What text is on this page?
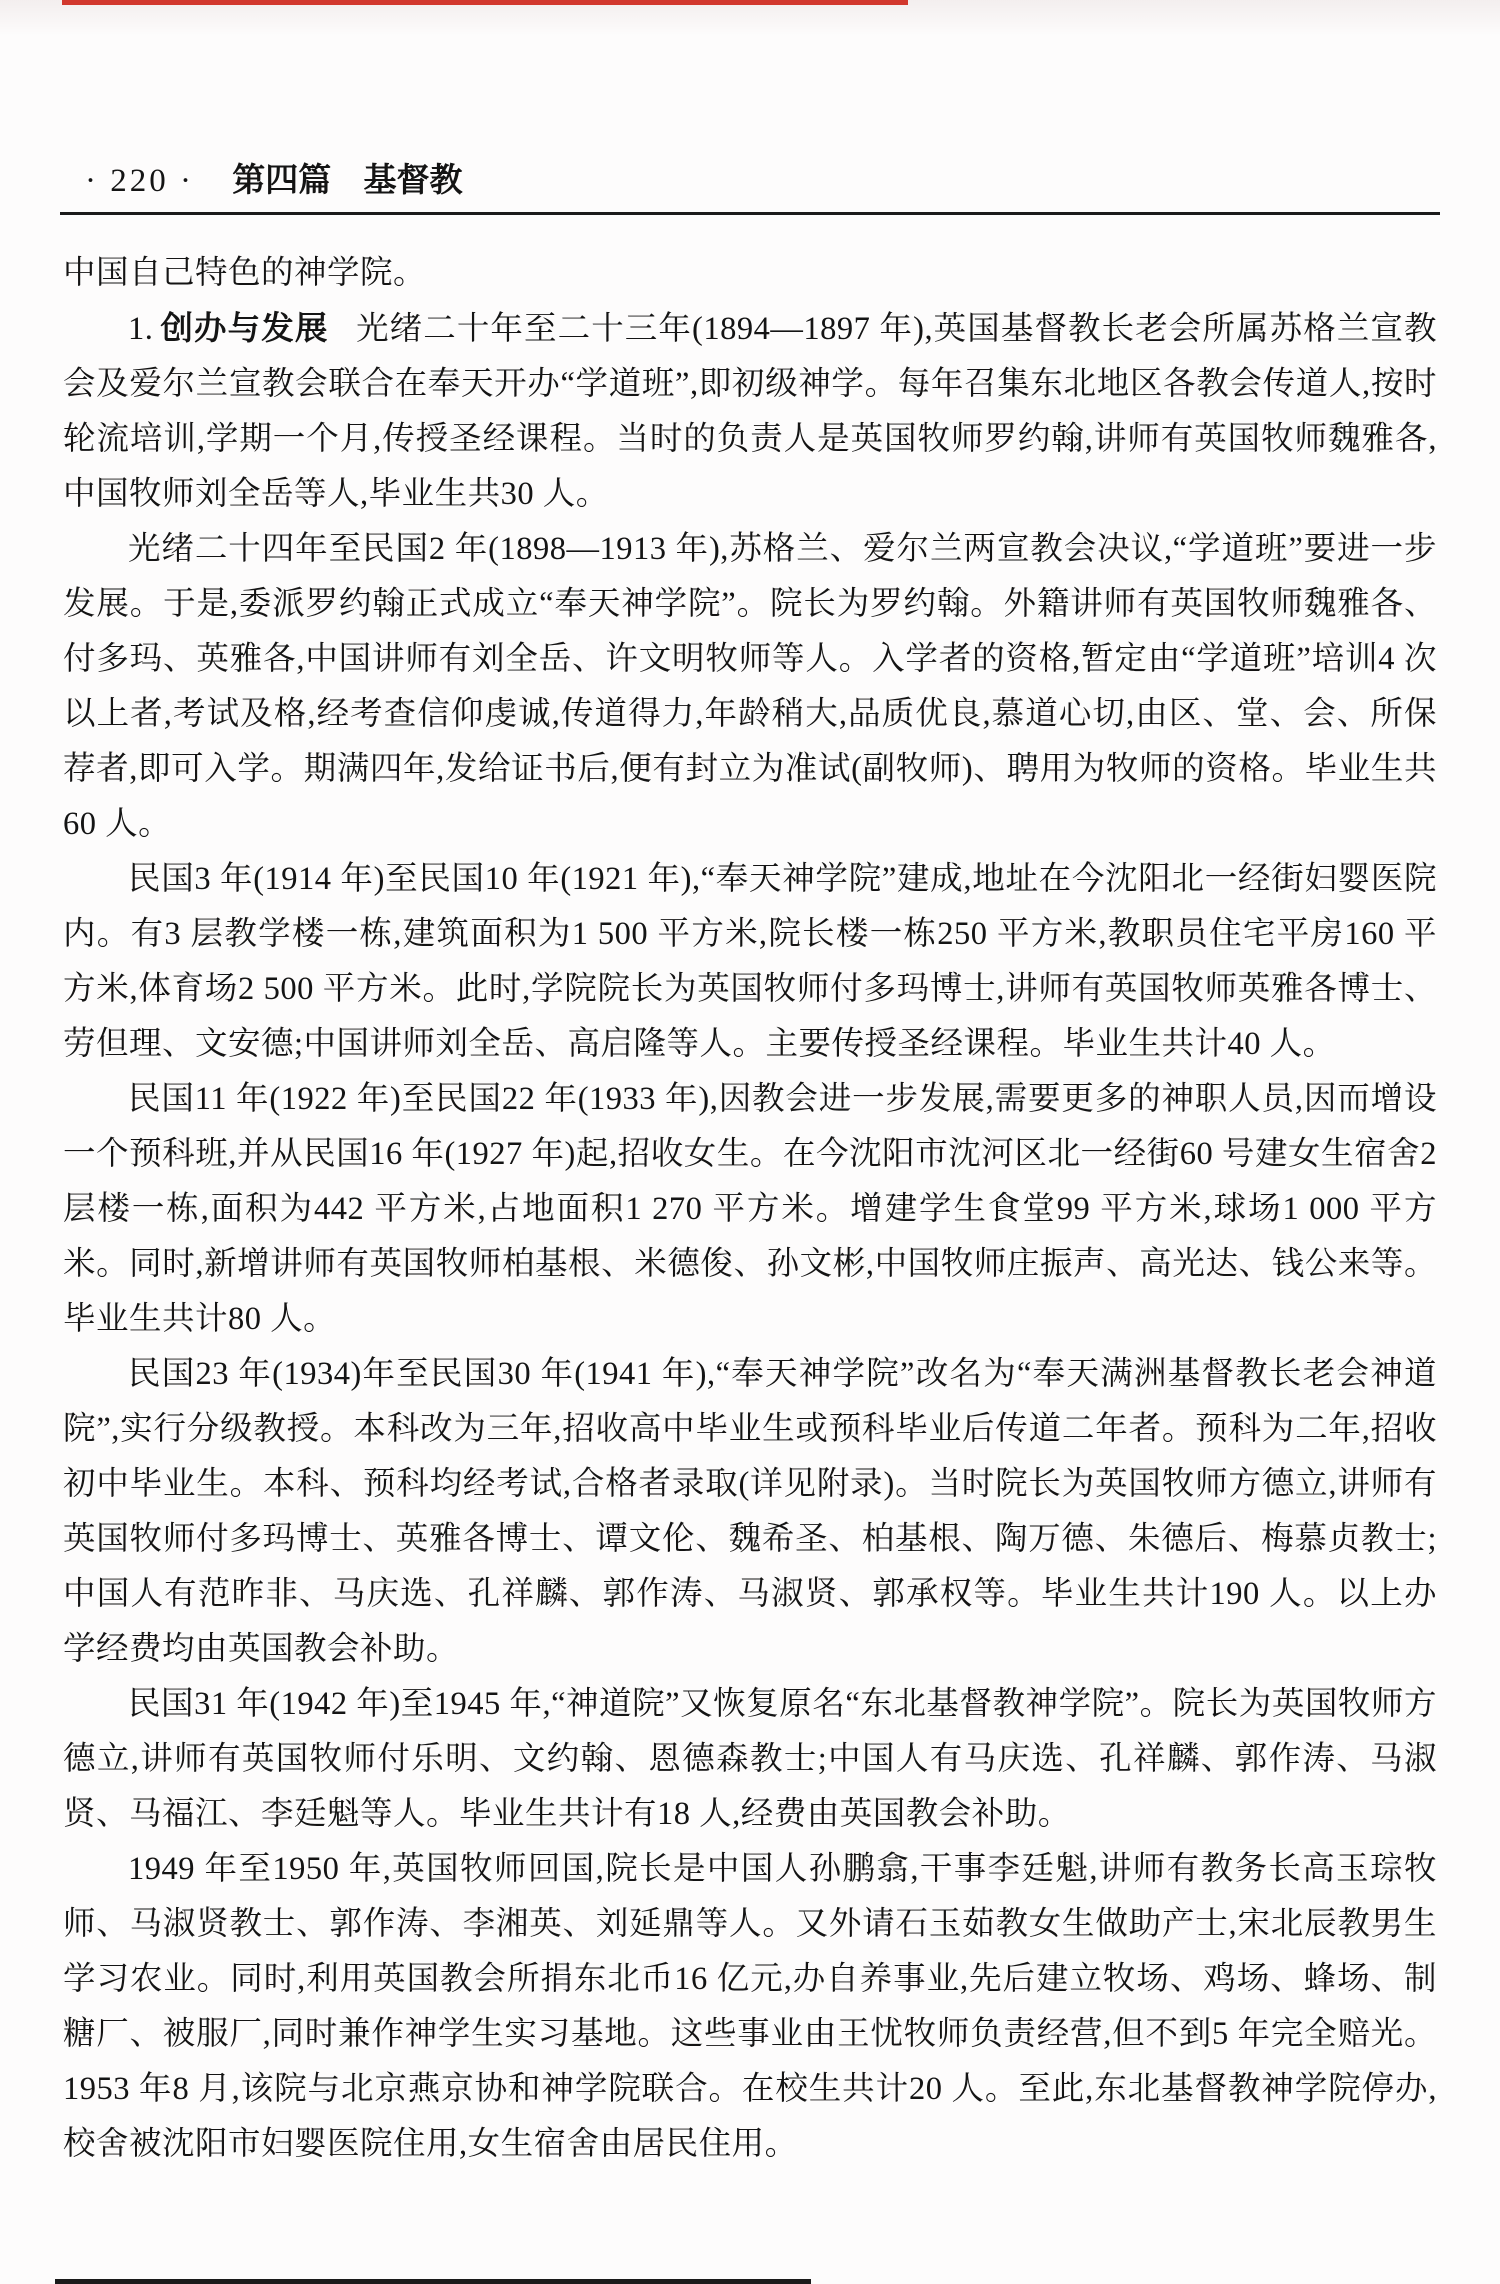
· 220 · 第四篇 基督教

中国自己特色的神学院。

1. 创办与发展 光绪二十年至二十三年(1894—1897 年),英国基督教长老会所属苏格兰宣教会及爱尔兰宣教会联合在奉天开办“学道班”,即初级神学。每年召集东北地区各教会传道人,按时轮流培训,学期一个月,传授圣经课程。当时的负责人是英国牧师罗约翰,讲师有英国牧师魏雅各,中国牧师刘全岳等人,毕业生共30 人。

光绪二十四年至民国2 年(1898—1913 年),苏格兰、爱尔兰两宣教会决议,“学道班”要进一步发展。于是,委派罗约翰正式成立“奉天神学院”。院长为罗约翰。外籍讲师有英国牧师魏雅各、付多玛、英雅各,中国讲师有刘全岳、许文明牧师等人。入学者的资格,暂定由“学道班”培训4 次以上者,考试及格,经考查信仰虔诚,传道得力,年龄稍大,品质优良,慕道心切,由区、堂、会、所保荐者,即可入学。期满四年,发给证书后,便有封立为准试(副牧师)、聘用为牧师的资格。毕业生共60 人。

民国3 年(1914 年)至民国10 年(1921 年),“奉天神学院”建成,地址在今沈阳北一经街妇婴医院内。有3 层教学楼一栋,建筑面积为1 500 平方米,院长楼一栋250 平方米,教职员住宅平房160 平方米,体育场2 500 平方米。此时,学院院长为英国牧师付多玛博士,讲师有英国牧师英雅各博士、劳但理、文安德;中国讲师刘全岳、高启隆等人。主要传授圣经课程。毕业生共计40 人。

民国11 年(1922 年)至民国22 年(1933 年),因教会进一步发展,需要更多的神职人员,因而增设一个预科班,并从民国16 年(1927 年)起,招收女生。在今沈阳市沈河区北一经街60 号建女生宿舍2 层楼一栋,面积为442 平方米,占地面积1 270 平方米。增建学生食堂99 平方米,球场1 000 平方米。同时,新增讲师有英国牧师柏基根、米德俊、孙文彬,中国牧师庄振声、高光达、钱公来等。毕业生共计80 人。

民国23 年(1934)年至民国30 年(1941 年),“奉天神学院”改名为“奉天满洲基督教长老会神道院”,实行分级教授。本科改为三年,招收高中毕业生或预科毕业后传道二年者。预科为二年,招收初中毕业生。本科、预科均经考试,合格者录取(详见附录)。当时院长为英国牧师方德立,讲师有英国牧师付多玛博士、英雅各博士、谭文伦、魏希圣、柏基根、陶万德、朱德后、梅慕贞教士;中国人有范昨非、马庆选、孔祥麟、郭作涛、马淑贤、郭承权等。毕业生共计190 人。以上办学经费均由英国教会补助。

民国31 年(1942 年)至1945 年,“神道院”又恢复原名“东北基督教神学院”。院长为英国牧师方德立,讲师有英国牧师付乐明、文约翰、恩德森教士;中国人有马庆选、孔祥麟、郭作涛、马淑贤、马福江、李廷魁等人。毕业生共计有18 人,经费由英国教会补助。

1949 年至1950 年,英国牧师回国,院长是中国人孙鹏翕,干事李廷魁,讲师有教务长高玉琮牧师、马淑贤教士、郭作涛、李湘英、刘延鼎等人。又外请石玉茹教女生做助产士,宋北辰教男生学习农业。同时,利用英国教会所捐东北币16 亿元,办自养事业,先后建立牧场、鸡场、蜂场、制糖厂、被服厂,同时兼作神学生实习基地。这些事业由王忧牧师负责经营,但不到5 年完全赔光。1953 年8 月,该院与北京燕京协和神学院联合。在校生共计20 人。至此,东北基督教神学院停办,校舍被沈阳市妇婴医院住用,女生宿舍由居民住用。
